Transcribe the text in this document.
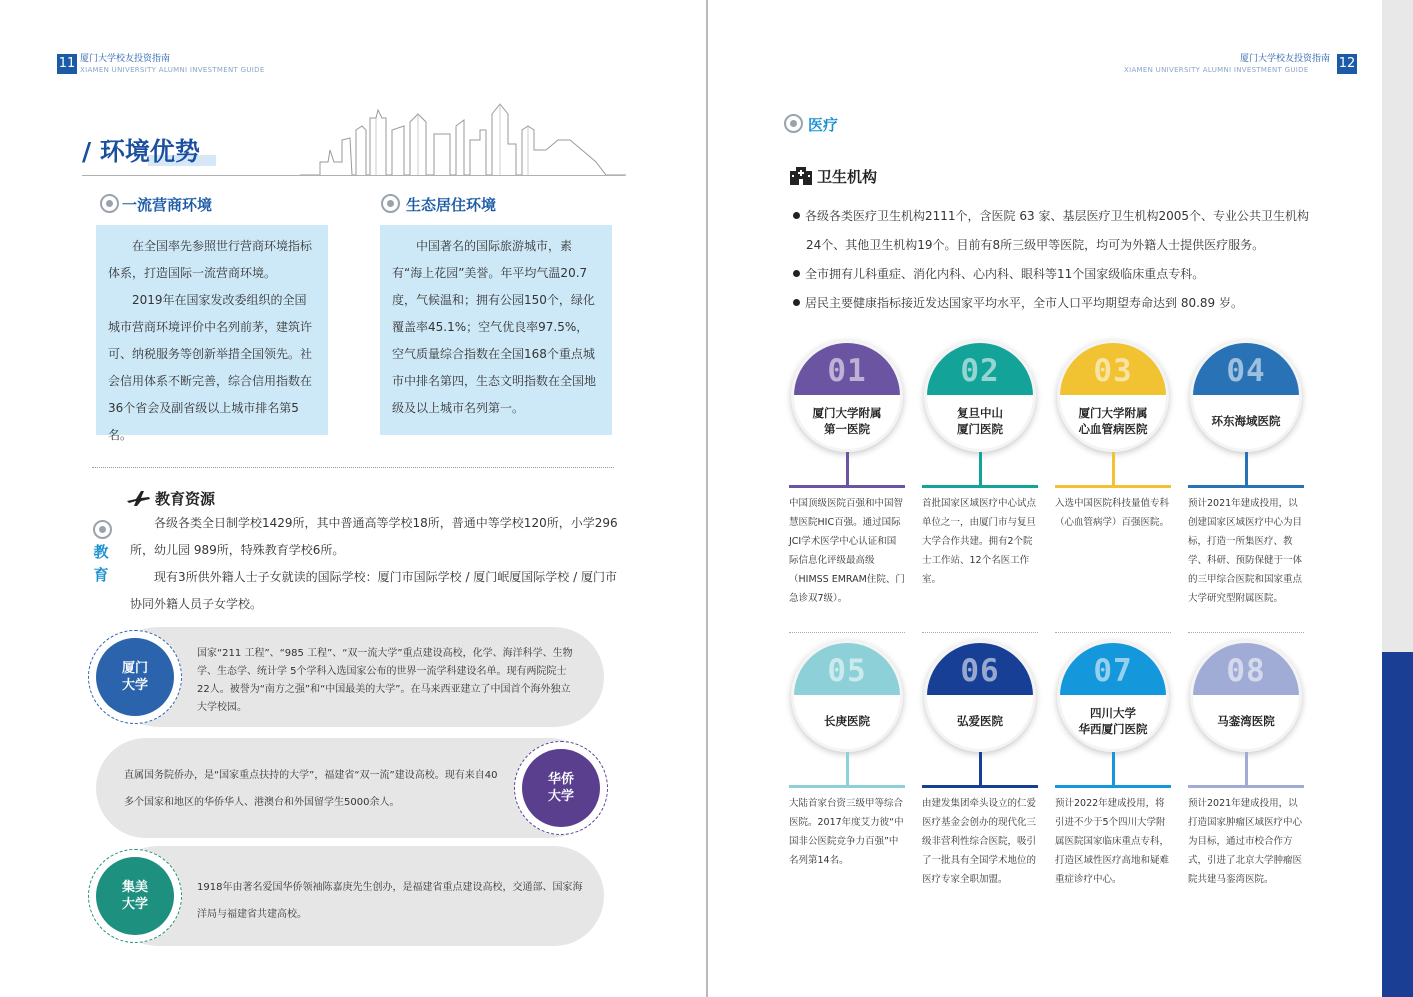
11 厦门大学校友投资指南
XIAMEN UNIVERSITY ALUMNI INVESTMENT GUIDE
/ 环境优势
一流营商环境

在全国率先参照世行营商环境指标体系，打造国际一流营商环境。

2019年在国家发改委组织的全国城市营商环境评价中名列前茅，建筑许可、纳税服务等创新举措全国领先。社会信用体系不断完善，综合信用指数在36个省会及副省级以上城市排名第5名。

生态居住环境

中国著名的国际旅游城市，素有“海上花园”美誉。年平均气温20.7度，气候温和；拥有公园150个，绿化覆盖率45.1%；空气优良率97.5%，空气质量综合指数在全国168个重点城市中排名第四，生态文明指数在全国地级及以上城市名列第一。

教育资源
教育

各级各类全日制学校1429所，其中普通高等学校18所，普通中等学校120所，小学296所，幼儿园 989所，特殊教育学校6所。

现有3所供外籍人士子女就读的国际学校：厦门市国际学校 / 厦门岷厦国际学校 / 厦门市协同外籍人员子女学校。

国家“211 工程”、“985 工程”、“双一流大学”重点建设高校，化学、海洋科学、生物学、生态学、统计学 5个学科入选国家公布的世界一流学科建设名单。现有两院院士22人。被誉为“南方之强”和“中国最美的大学”。在马来西亚建立了中国首个海外独立大学校园。
厦门
大学
直属国务院侨办，是“国家重点扶持的大学”，福建省“双一流”建设高校。现有来自40多个国家和地区的华侨华人、港澳台和外国留学生5000余人。
华侨
大学
1918年由著名爱国华侨领袖陈嘉庚先生创办，是福建省重点建设高校，交通部、国家海洋局与福建省共建高校。
集美
大学
12
厦门大学校友投资指南
XIAMEN UNIVERSITY ALUMNI INVESTMENT GUIDE
医疗
卫生机构
各级各类医疗卫生机构2111个，含医院 63 家、基层医疗卫生机构2005个、专业公共卫生机构24个、其他卫生机构19个。目前有8所三级甲等医院，均可为外籍人士提供医疗服务。
全市拥有儿科重症、消化内科、心内科、眼科等11个国家级临床重点专科。
居民主要健康指标接近发达国家平均水平，全市人口平均期望寿命达到 80.89 岁。
01
厦门大学附属
第一医院
中国顶级医院百强和中国智慧医院HIC百强。通过国际JCI学术医学中心认证和国际信息化评级最高级（HIMSS EMRAM住院、门急诊双7级）。
02
复旦中山
厦门医院
首批国家区域医疗中心试点单位之一，由厦门市与复旦大学合作共建。拥有2个院士工作站、12个名医工作室。
03
厦门大学附属
心血管病医院
入选中国医院科技量值专科（心血管病学）百强医院。
04
环东海域医院
预计2021年建成投用，以创建国家区域医疗中心为目标，打造一所集医疗、教学、科研、预防保健于一体的三甲综合医院和国家重点大学研究型附属医院。
05
长庚医院
大陆首家台资三级甲等综合医院。2017年度艾力彼“中国非公医院竞争力百强”中名列第14名。
06
弘爱医院
由建发集团牵头设立的仁爱医疗基金会创办的现代化三级非营利性综合医院，吸引了一批具有全国学术地位的医疗专家全职加盟。
07
四川大学
华西厦门医院
预计2022年建成投用，将引进不少于5个四川大学附属医院国家临床重点专科，打造区域性医疗高地和疑难重症诊疗中心。
08
马銮湾医院
预计2021年建成投用，以打造国家肿瘤区域医疗中心为目标，通过市校合作方式，引进了北京大学肿瘤医院共建马銮湾医院。
